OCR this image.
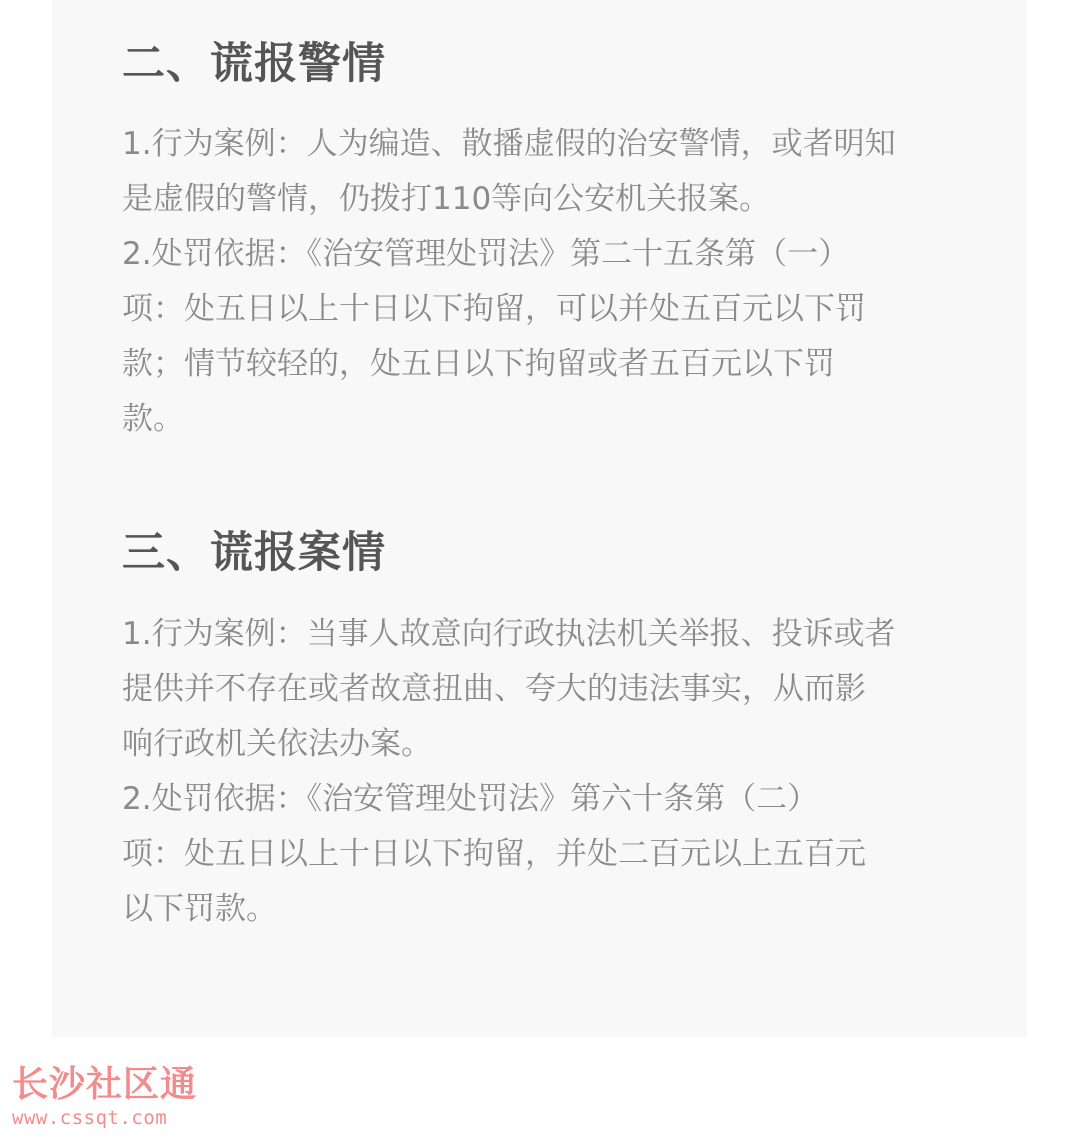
二、谎报警情

1.行为案例：人为编造、散播虚假的治安警情，或者明知

是虚假的警情，仍拨打110等向公安机关报案。

2.处罚依据：《治安管理处罚法》第二十五条第（一）

项：处五日以上十日以下拘留，可以并处五百元以下罚

款；情节较轻的，处五日以下拘留或者五百元以下罚

款。

三、谎报案情

1.行为案例：当事人故意向行政执法机关举报、投诉或者

提供并不存在或者故意扭曲、夸大的违法事实，从而影

响行政机关依法办案。

2.处罚依据：《治安管理处罚法》第六十条第（二）

项：处五日以上十日以下拘留，并处二百元以上五百元

以下罚款。

长沙社区通
www.cssqt.com
